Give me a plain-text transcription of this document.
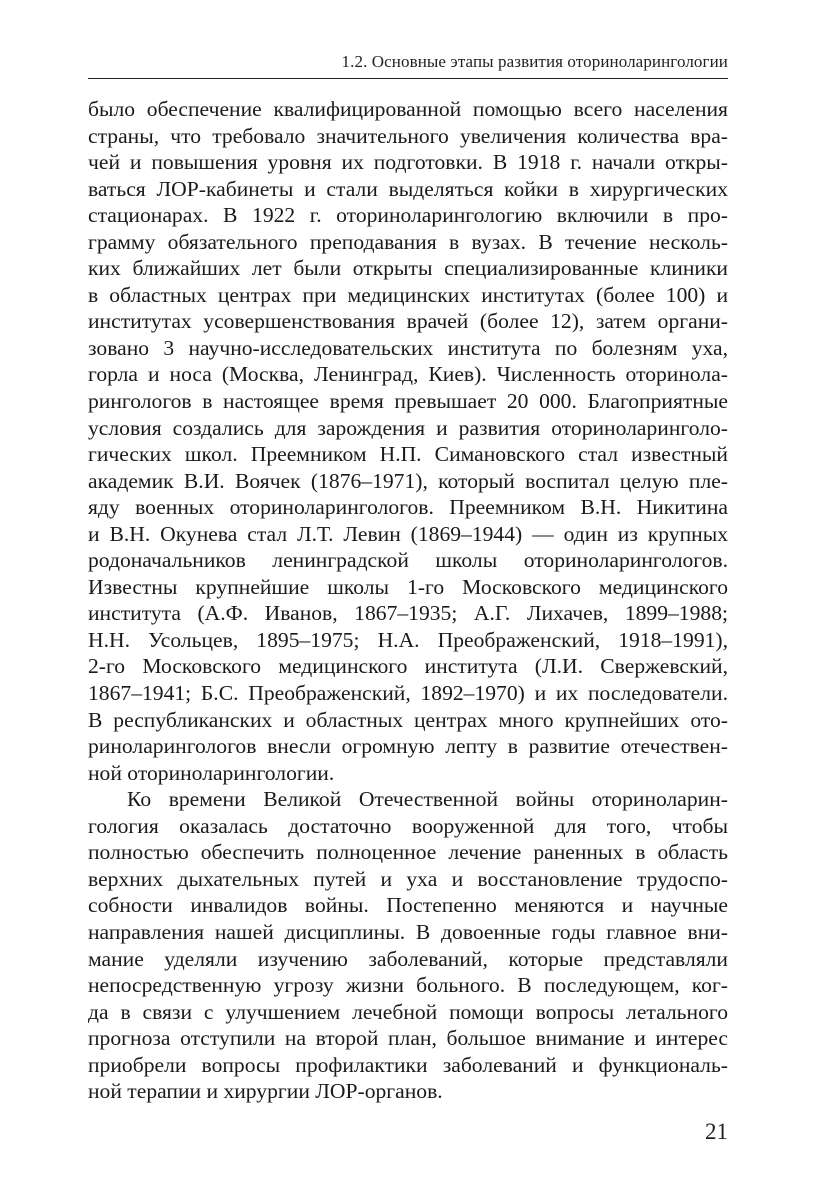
1.2. Основные этапы развития оториноларингологии
было обеспечение квалифицированной помощью всего населения
страны, что требовало значительного увеличения количества вра-
чей и повышения уровня их подготовки. В 1918 г. начали откры-
ваться ЛОР-кабинеты и стали выделяться койки в хирургических
стационарах. В 1922 г. оториноларингологию включили в про-
грамму обязательного преподавания в вузах. В течение несколь-
ких ближайших лет были открыты специализированные клиники
в областных центрах при медицинских институтах (более 100) и
институтах усовершенствования врачей (более 12), затем органи-
зовано 3 научно-исследовательских института по болезням уха,
горла и носа (Москва, Ленинград, Киев). Численность оторинола-
рингологов в настоящее время превышает 20 000. Благоприятные
условия создались для зарождения и развития оториноларинголо-
гических школ. Преемником Н.П. Симановского стал известный
академик В.И. Воячек (1876–1971), который воспитал целую пле-
яду военных оториноларингологов. Преемником В.Н. Никитина
и В.Н. Окунева стал Л.Т. Левин (1869–1944) — один из крупных
родоначальников ленинградской школы оториноларингологов.
Известны крупнейшие школы 1-го Московского медицинского
института (А.Ф. Иванов, 1867–1935; А.Г. Лихачев, 1899–1988;
Н.Н. Усольцев, 1895–1975; Н.А. Преображенский, 1918–1991),
2-го Московского медицинского института (Л.И. Свержевский,
1867–1941; Б.С. Преображенский, 1892–1970) и их последователи.
В республиканских и областных центрах много крупнейших ото-
риноларингологов внесли огромную лепту в развитие отечествен-
ной оториноларингологии.
Ко времени Великой Отечественной войны оториноларин-
гология оказалась достаточно вооруженной для того, чтобы
полностью обеспечить полноценное лечение раненных в область
верхних дыхательных путей и уха и восстановление трудоспо-
собности инвалидов войны. Постепенно меняются и научные
направления нашей дисциплины. В довоенные годы главное вни-
мание уделяли изучению заболеваний, которые представляли
непосредственную угрозу жизни больного. В последующем, ког-
да в связи с улучшением лечебной помощи вопросы летального
прогноза отступили на второй план, большое внимание и интерес
приобрели вопросы профилактики заболеваний и функциональ-
ной терапии и хирургии ЛОР-органов.
21
